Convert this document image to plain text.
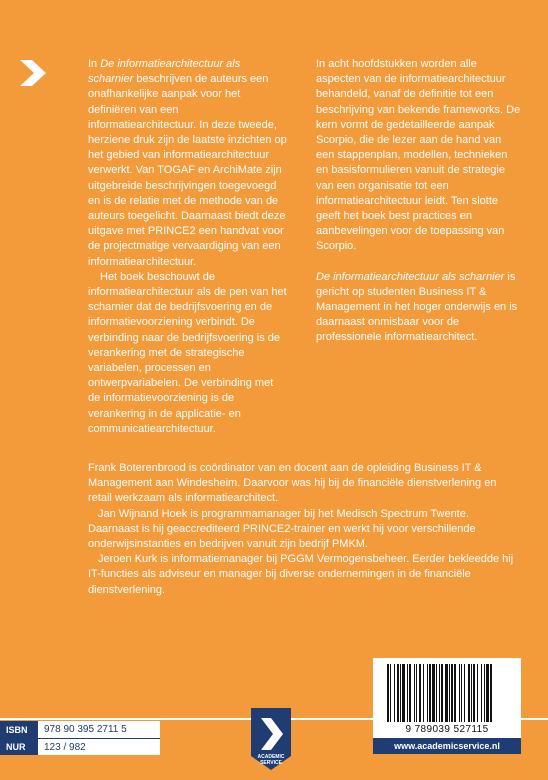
In De informatiearchitectuur als scharnier beschrijven de auteurs een onafhankelijke aanpak voor het definiëren van een informatiearchitectuur. In deze tweede, herziene druk zijn de laatste inzichten op het gebied van informatiearchitectuur verwerkt. Van TOGAF en ArchiMate zijn uitgebreide beschrijvingen toegevoegd en is de relatie met de methode van de auteurs toegelicht. Daarnaast biedt deze uitgave met PRINCE2 een handvat voor de projectmatige vervaardiging van een informatiearchitectuur.

Het boek beschouwt de informatiearchitectuur als de pen van het scharnier dat de bedrijfsvoering en de informatievoorziening verbindt. De verbinding naar de bedrijfsvoering is de verankering met de strategische variabelen, processen en ontwerpvariabelen. De verbinding met de informatievoorziening is de verankering in de applicatie- en communicatiearchitectuur.

In acht hoofdstukken worden alle aspecten van de informatiearchitectuur behandeld, vanaf de definitie tot een beschrijving van bekende frameworks. De kern vormt de gedetailleerde aanpak Scorpio, die de lezer aan de hand van een stappenplan, modellen, technieken en basisformulieren vanuit de strategie van een organisatie tot een informatiearchitectuur leidt. Ten slotte geeft het boek best practices en aanbevelingen voor de toepassing van Scorpio.

De informatiearchitectuur als scharnier is gericht op studenten Business IT & Management in het hoger onderwijs en is daarnaast onmisbaar voor de professionele informatiearchitect.

Frank Boterenbrood is coördinator van en docent aan de opleiding Business IT & Management aan Windesheim. Daarvoor was hij bij de financiële dienstverlening en retail werkzaam als informatiearchitect.

Jan Wijnand Hoek is programmamanager bij het Medisch Spectrum Twente. Daarnaast is hij geaccrediteerd PRINCE2-trainer en werkt hij voor verschillende onderwijsinstanties en bedrijven vanuit zijn bedrijf PMKM.

Jeroen Kurk is informatiemanager bij PGGM Vermogensbeheer. Eerder bekleedde hij IT-functies als adviseur en manager bij diverse ondernemingen in de financiële dienstverlening.

ISBN	978 90 395 2711 5
NUR	123 / 982
ACADEMIC
SERVICE
9 789039 527115
www.academicservice.nl
